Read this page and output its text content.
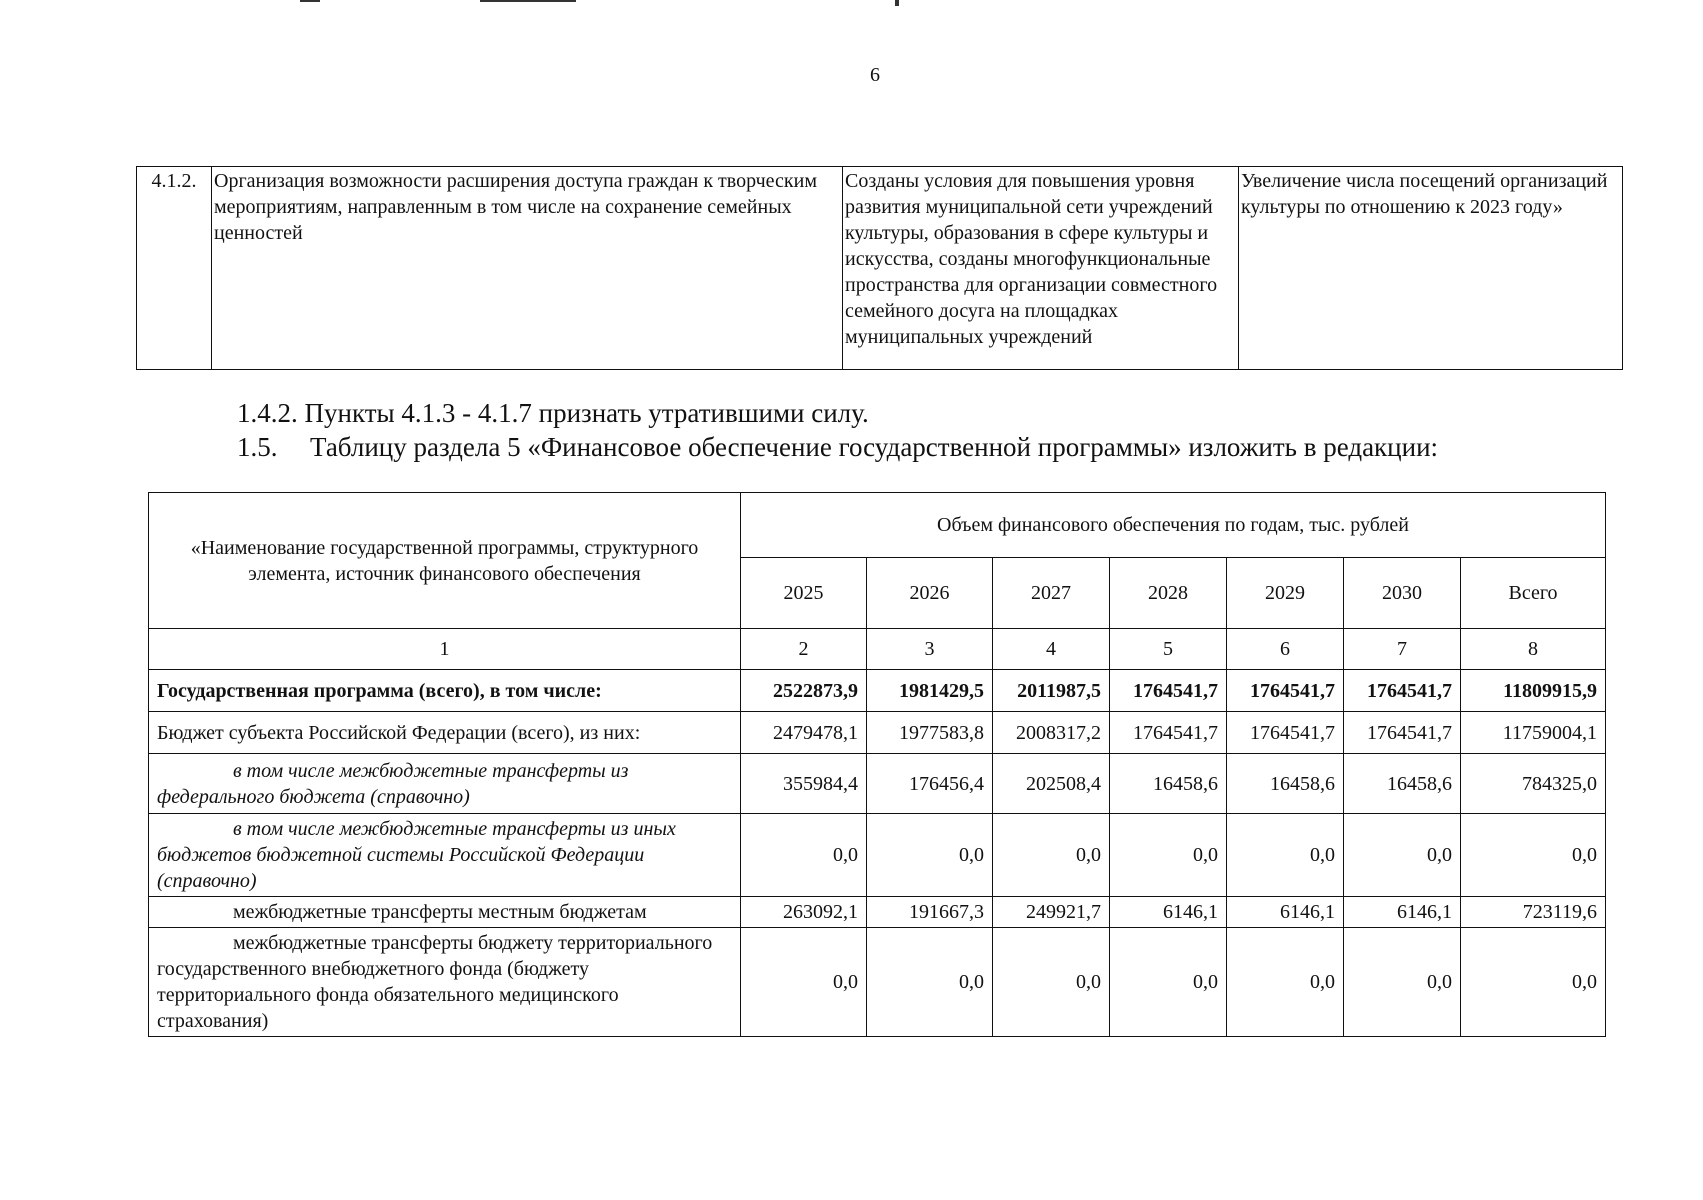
6
4.1.2.	Организация возможности расширения доступа граждан к творческим мероприятиям, направленным в том числе на сохранение семейных ценностей	Созданы условия для повышения уровня развития муниципальной сети учреждений культуры, образования в сфере культуры и искусства, созданы многофункциональные пространства для организации совместного семейного досуга на площадках муниципальных учреждений	Увеличение числа посещений организаций культуры по отношению к 2023 году»
1.4.2. Пункты 4.1.3 - 4.1.7 признать утратившими силу.
1.5. Таблицу раздела 5 «Финансовое обеспечение государственной программы» изложить в редакции:
«Наименование государственной программы, структурного элемента, источник финансового обеспечения	Объем финансового обеспечения по годам, тыс. рублей						
	2025	2026	2027	2028	2029	2030	Всего
1	2	3	4	5	6	7	8
Государственная программа (всего), в том числе:	2522873,9	1981429,5	2011987,5	1764541,7	1764541,7	1764541,7	11809915,9
Бюджет субъекта Российской Федерации (всего), из них:	2479478,1	1977583,8	2008317,2	1764541,7	1764541,7	1764541,7	11759004,1
в том числе межбюджетные трансферты из федерального бюджета (справочно)	355984,4	176456,4	202508,4	16458,6	16458,6	16458,6	784325,0
в том числе межбюджетные трансферты из иных бюджетов бюджетной системы Российской Федерации (справочно)	0,0	0,0	0,0	0,0	0,0	0,0	0,0
межбюджетные трансферты местным бюджетам	263092,1	191667,3	249921,7	6146,1	6146,1	6146,1	723119,6
межбюджетные трансферты бюджету территориального государственного внебюджетного фонда (бюджету территориального фонда обязательного медицинского страхования)	0,0	0,0	0,0	0,0	0,0	0,0	0,0
